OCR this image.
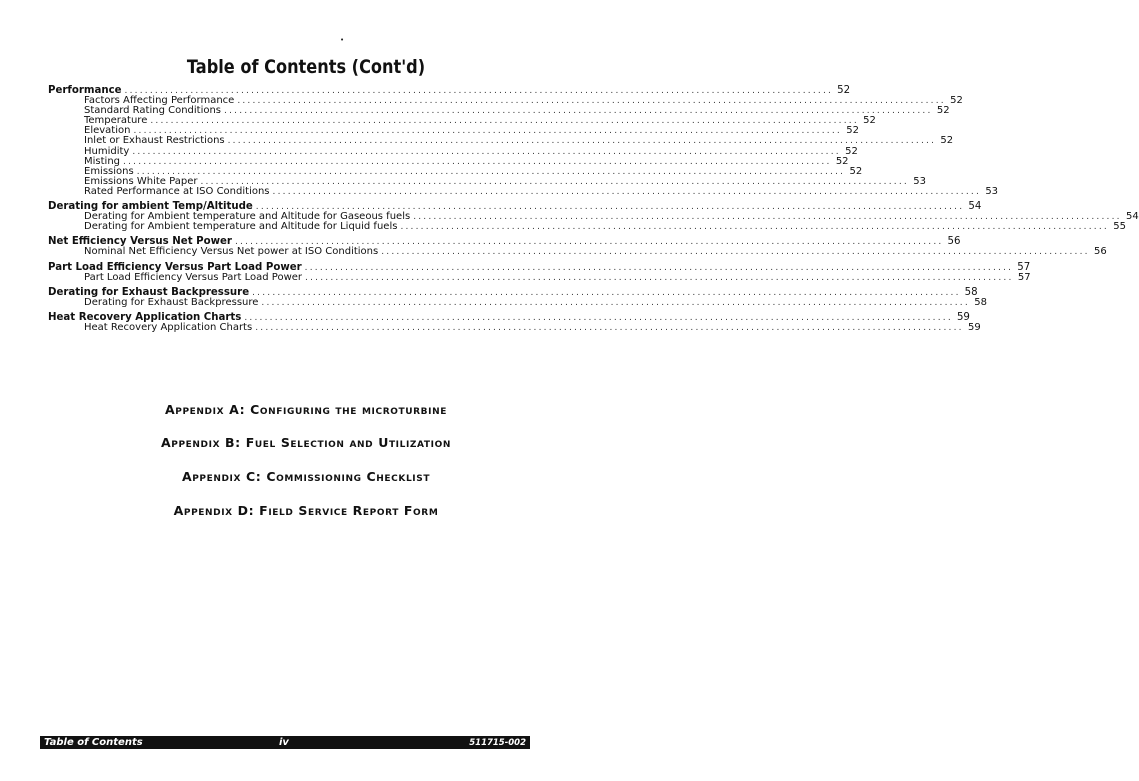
•
Table of Contents (Cont'd)
Performance ............................................................................................................................................ 52
Factors Affecting Performance ............................................................................................................................................ 52
Standard Rating Conditions ............................................................................................................................................ 52
Temperature ............................................................................................................................................ 52
Elevation ............................................................................................................................................ 52
Inlet or Exhaust Restrictions ............................................................................................................................................ 52
Humidity ............................................................................................................................................ 52
Misting ............................................................................................................................................ 52
Emissions ............................................................................................................................................ 52
Emissions White Paper ............................................................................................................................................ 53
Rated Performance at ISO Conditions ............................................................................................................................................ 53
Derating for ambient Temp/Altitude ............................................................................................................................................ 54
Derating for Ambient temperature and Altitude for Gaseous fuels ............................................................................................................................................ 54
Derating for Ambient temperature and Altitude for Liquid fuels ............................................................................................................................................ 55
Net Efficiency Versus Net Power ............................................................................................................................................ 56
Nominal Net Efficiency Versus Net power at ISO Conditions ............................................................................................................................................ 56
Part Load Efficiency Versus Part Load Power ............................................................................................................................................ 57
Part Load Efficiency Versus Part Load Power ............................................................................................................................................ 57
Derating for Exhaust Backpressure ............................................................................................................................................ 58
Derating for Exhaust Backpressure ............................................................................................................................................ 58
Heat Recovery Application Charts ............................................................................................................................................ 59
Heat Recovery Application Charts ............................................................................................................................................ 59
Appendix A: Configuring the microturbine
Appendix B: Fuel Selection and Utilization
Appendix C: Commissioning Checklist
Appendix D: Field Service Report Form
Table of Contents	iv	511715-002
